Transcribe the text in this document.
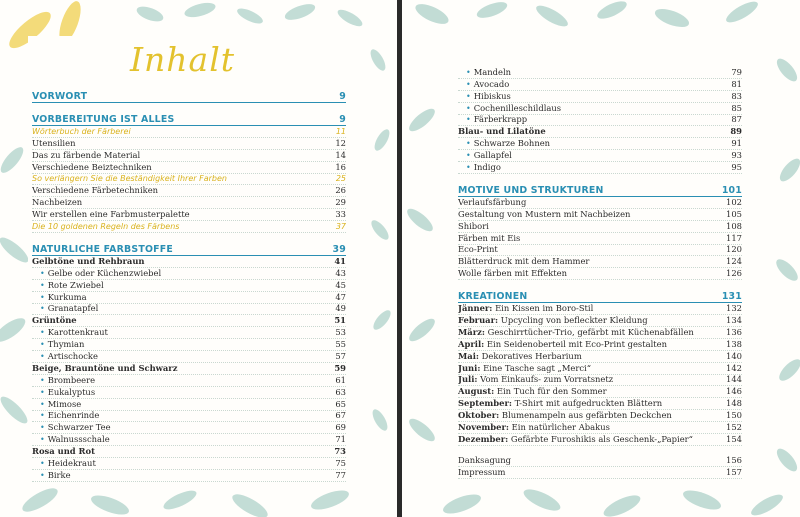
Inhalt
VORWORT	9
VORBEREITUNG IST ALLES	9
Wörterbuch der Färberei	11
Utensilien	12
Das zu färbende Material	14
Verschiedene Beiztechniken	16
So verlängern Sie die Beständigkeit Ihrer Farben	25
Verschiedene Färbetechniken	26
Nachbeizen	29
Wir erstellen eine Farbmusterpalette	33
Die 10 goldenen Regeln des Färbens	37
NATÜRLICHE FARBSTOFFE	39
Gelbtöne und Rehbraun	41
• Gelbe oder Küchenzwiebel	43
• Rote Zwiebel	45
• Kurkuma	47
• Granatapfel	49
Grüntöne	51
• Karottenkraut	53
• Thymian	55
• Artischocke	57
Beige, Brauntöne und Schwarz	59
• Brombeere	61
• Eukalyptus	63
• Mimose	65
• Eichenrinde	67
• Schwarzer Tee	69
• Walnussschale	71
Rosa und Rot	73
• Heidekraut	75
• Birke	77
• Mandeln	79
• Avocado	81
• Hibiskus	83
• Cochenilleschildlaus	85
• Färberkrapp	87
Blau- und Lilatöne	89
• Schwarze Bohnen	91
• Gallapfel	93
• Indigo	95
MOTIVE UND STRUKTUREN	101
Verlaufsfärbung	102
Gestaltung von Mustern mit Nachbeizen	105
Shibori	108
Färben mit Eis	117
Eco-Print	120
Blätterdruck mit dem Hammer	124
Wolle färben mit Effekten	126
KREATIONEN	131
Jänner: Ein Kissen im Boro-Stil	132
Februar: Upcycling von befleckter Kleidung	134
März: Geschirrtücher-Trio, gefärbt mit Küchenabfällen	136
April: Ein Seidenoberteil mit Eco-Print gestalten	138
Mai: Dekoratives Herbarium	140
Juni: Eine Tasche sagt „Merci“	142
Juli: Vom Einkaufs- zum Vorratsnetz	144
August: Ein Tuch für den Sommer	146
September: T-Shirt mit aufgedruckten Blättern	148
Oktober: Blumenampeln aus gefärbten Deckchen	150
November: Ein natürlicher Abakus	152
Dezember: Gefärbte Furoshikis als Geschenk-„Papier“	154
Danksagung	156
Impressum	157
